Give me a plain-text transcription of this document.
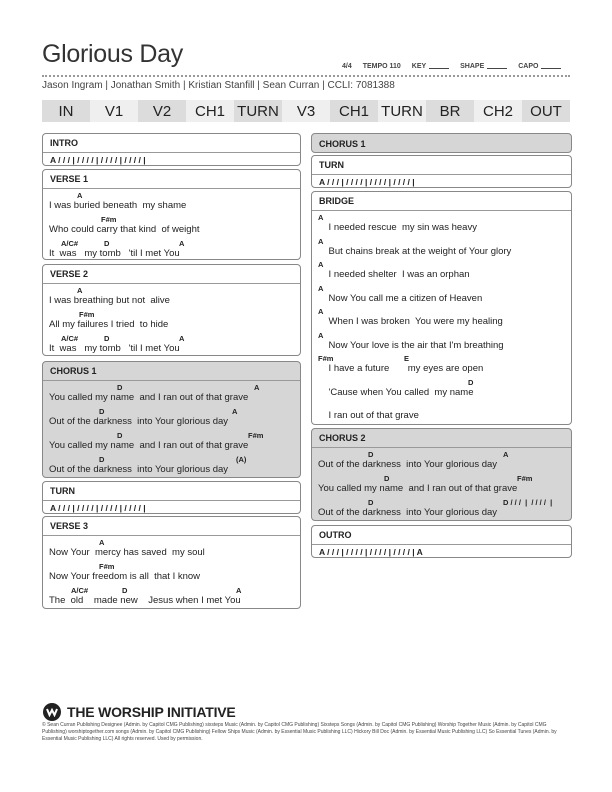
Glorious Day	4/4 TEMPO 110 KEY	SHAPE	CAPO
Jason Ingram | Jonathan Smith | Kristian Stanfill | Sean Curran | CCLI: 7081388
IN	V1	V2	CH1 TURN	V3	CH1 TURN	BR	CH2	OUT
INTRO
A / / / | / / / / | / / / / | / / / / |
VERSE 1
A
I was buried beneath  my shame
F#m
Who could carry that kind  of weight
A/C#	D	A
It  was   my tomb   'til I met You
VERSE 2
A
I was breathing but not  alive
F#m
All my failures I tried  to hide
A/C#	D	A
It  was   my tomb   'til I met You
CHORUS 1
D	A
You called my name  and I ran out of that grave
D	A
Out of the darkness  into Your glorious day
D	F#m
You called my name  and I ran out of that grave
D	(A)
Out of the darkness  into Your glorious day
TURN
A / / / | / / / / | / / / / | / / / / |
VERSE 3
A
Now Your  mercy has saved  my soul
F#m
Now Your freedom is all  that I know
A/C#	D	A
The  old    made new    Jesus when I met You
CHORUS 1
TURN
A / / / | / / / / | / / / / | / / / / |
BRIDGE
A
I needed rescue  my sin was heavy
A
But chains break at the weight of Your glory
A
I needed shelter  I was an orphan
A
Now You call me a citizen of Heaven
A
When I was broken  You were my healing
A
Now Your love is the air that I'm breathing
F#m	E
I have a future       my eyes are open
D
'Cause when You called  my name
I ran out of that grave
CHORUS 2
D	A
Out of the darkness  into Your glorious day
D	F#m
You called my name  and I ran out of that grave
D	D / / /  |  / / / /  |
Out of the darkness  into Your glorious day
OUTRO
A / / / | / / / / | / / / / | / / / / | A
THE WORSHIP INITIATIVE
© Sean Curran Publishing Designee (Admin. by Capitol CMG Publishing) sixsteps Music (Admin. by Capitol CMG Publishing) Sixsteps Songs (Admin. by Capitol CMG Publishing) Worship Together Music (Admin. by Capitol CMG Publishing) worshiptogether.com songs (Admin. by Capitol CMG Publishing) Fellow Ships Music (Admin. by Essential Music Publishing LLC) Hickory Bill Doc (Admin. by Essential Music Publishing LLC) So Essential Tunes (Admin. by Essential Music Publishing LLC) All rights reserved. Used by permission.
